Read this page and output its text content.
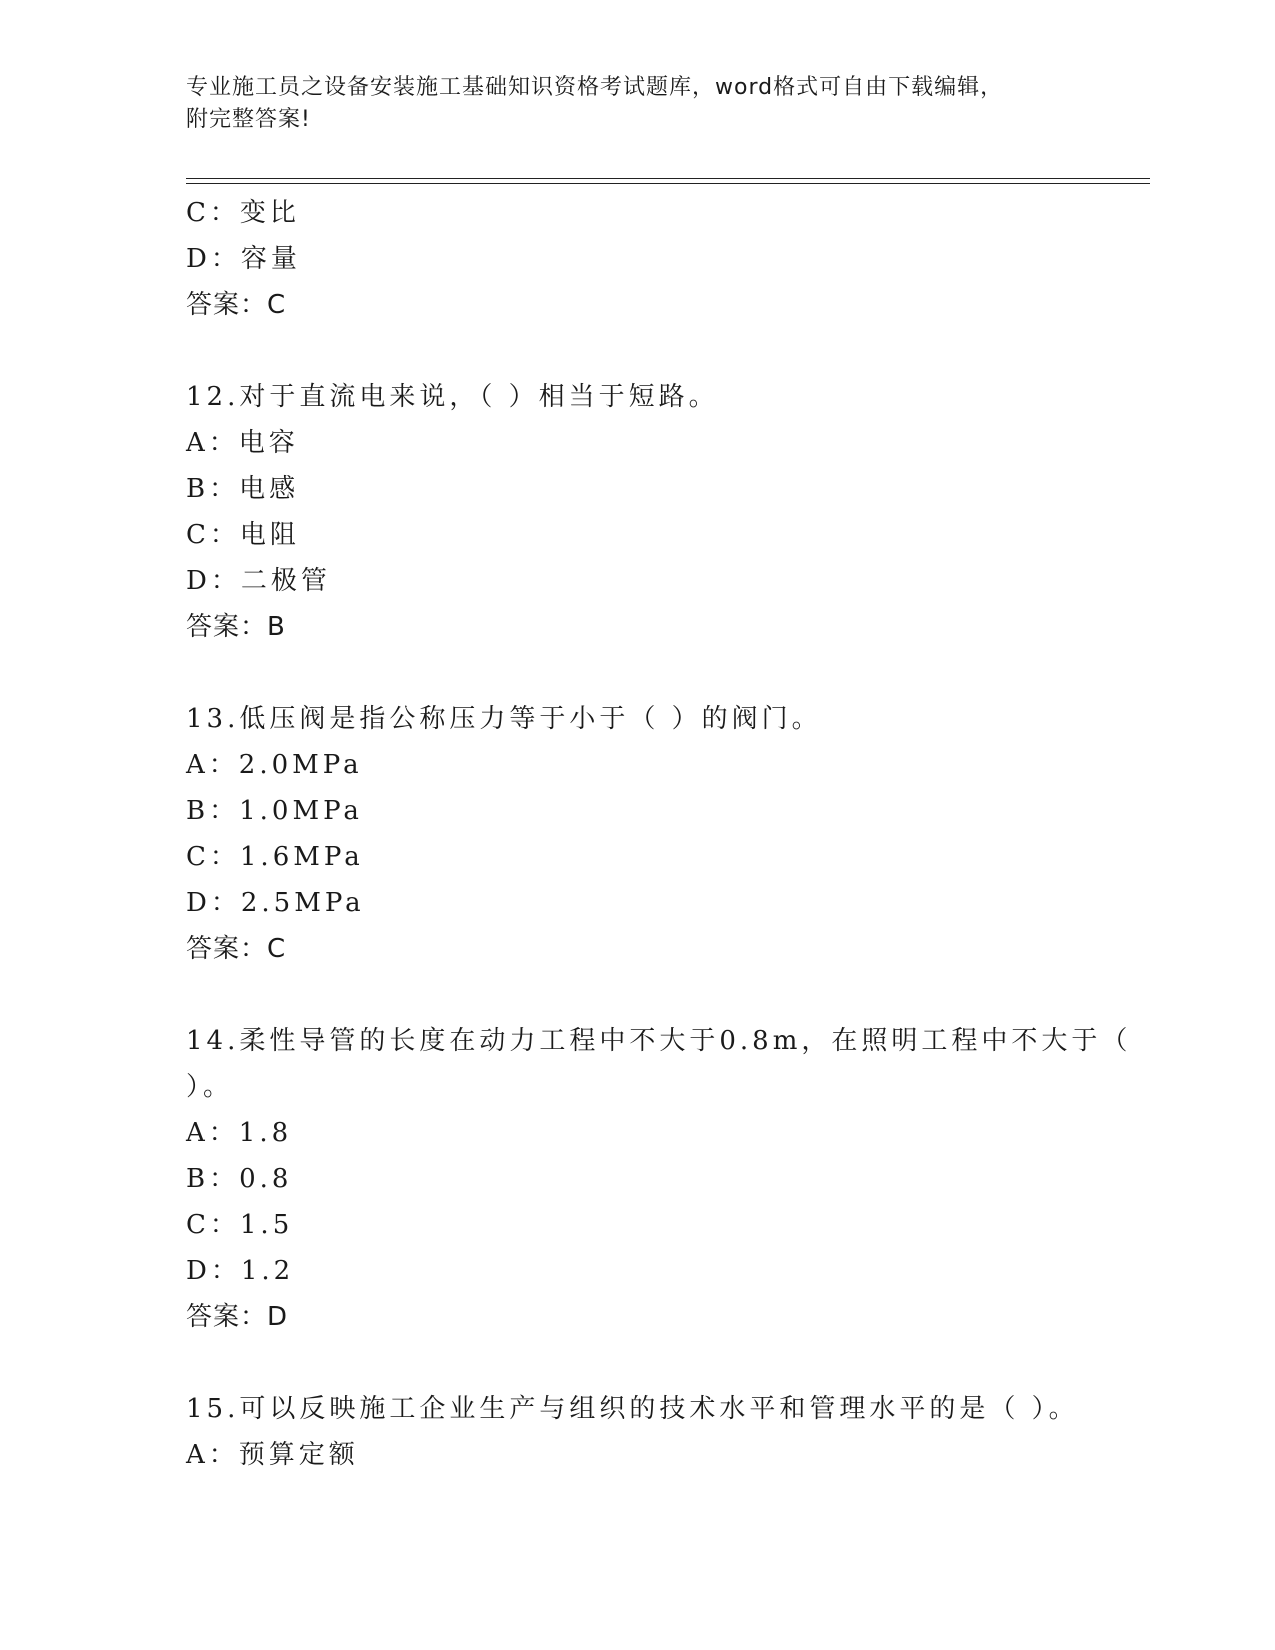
专业施工员之设备安装施工基础知识资格考试题库，word格式可自由下载编辑，
附完整答案!
C：变比
D：容量
答案：C
12.对于直流电来说，（ ）相当于短路。
A：电容
B：电感
C：电阻
D：二极管
答案：B
13.低压阀是指公称压力等于小于（ ）的阀门。
A：2.0MPa
B：1.0MPa
C：1.6MPa
D：2.5MPa
答案：C
14.柔性导管的长度在动力工程中不大于0.8m，在照明工程中不大于（
）。
A：1.8
B：0.8
C：1.5
D：1.2
答案：D
15.可以反映施工企业生产与组织的技术水平和管理水平的是（ ）。
A：预算定额
